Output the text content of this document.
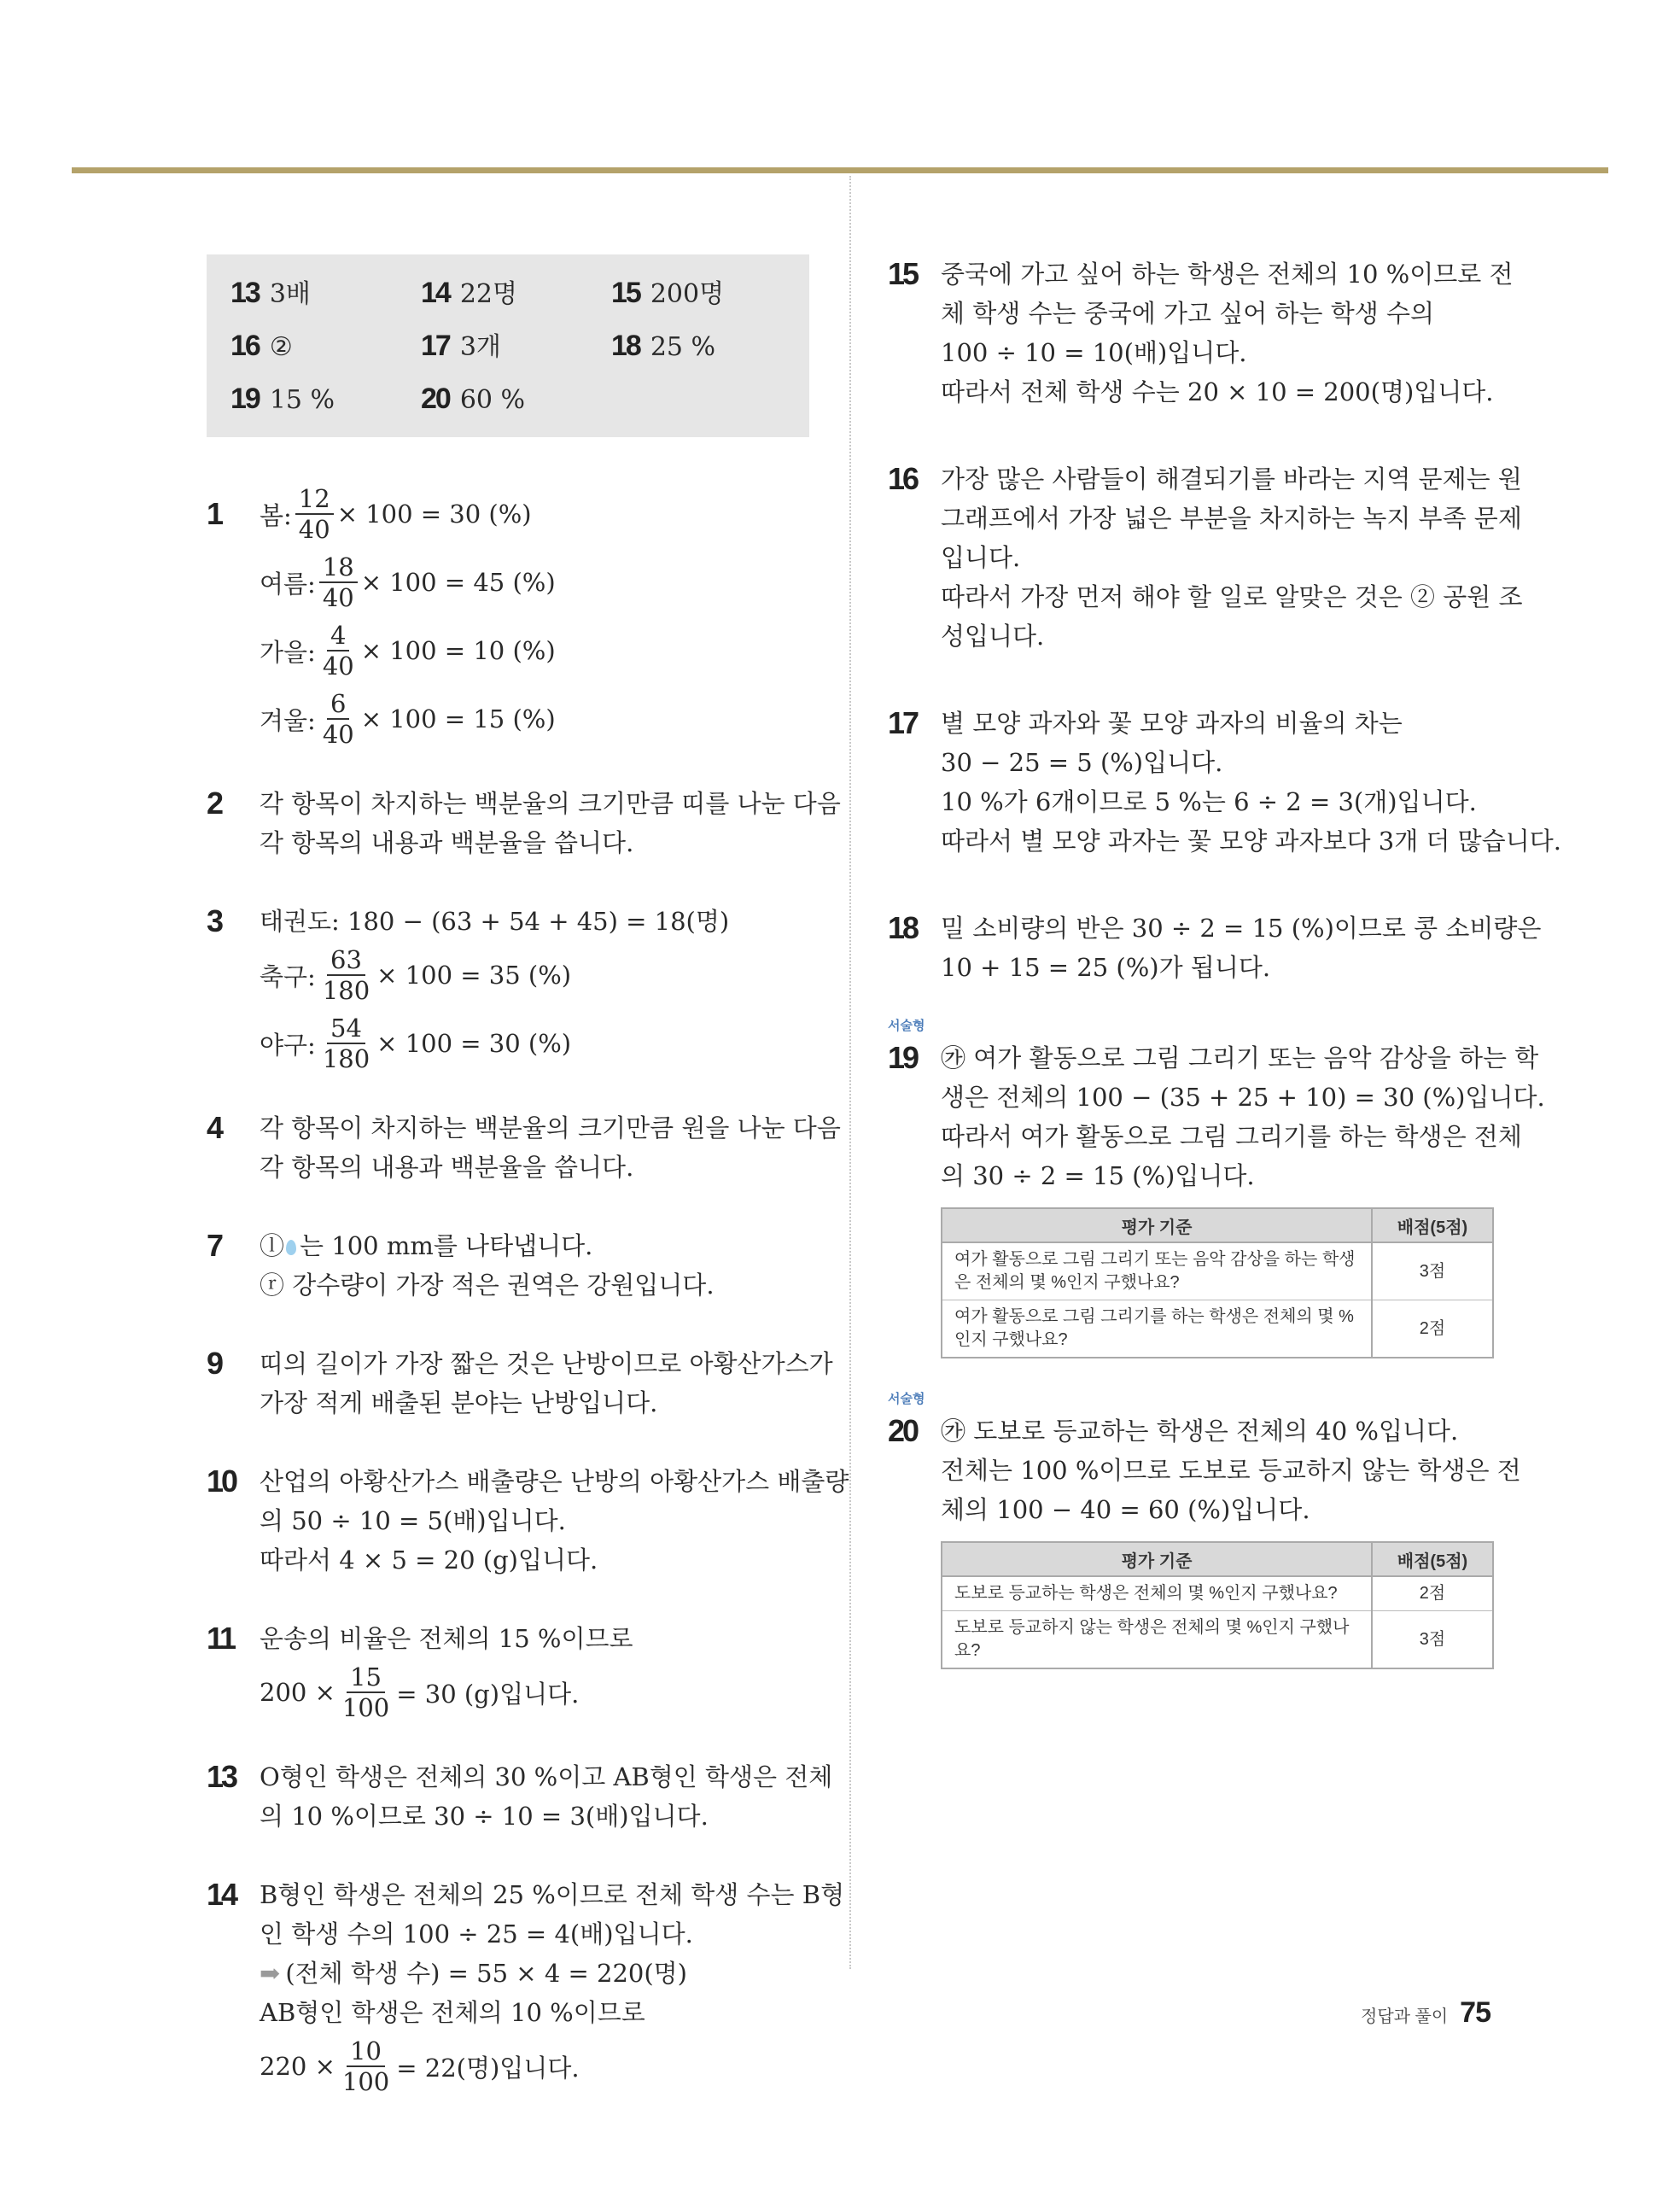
13 3배	14 22명	15 200명
16 ②	17 3개	18 25 %
19 15 %	20 60 %
1 봄: $\frac{12}{40} \times 100 = 30$ (%)
여름: $\frac{18}{40} \times 100 = 45$ (%)
가을: $\frac{4}{40} \times 100 = 10$ (%)
겨울: $\frac{6}{40} \times 100 = 15$ (%)
2 각 항목이 차지하는 백분율의 크기만큼 띠를 나눈 다음
각 항목의 내용과 백분율을 씁니다.
3 태권도: 180 − (63 + 54 + 45) = 18(명)
축구: $\frac{63}{180} \times 100 = 35$ (%)
야구: $\frac{54}{180} \times 100 = 30$ (%)
4 각 항목이 차지하는 백분율의 크기만큼 원을 나눈 다음
각 항목의 내용과 백분율을 씁니다.
7 ⓛ 는 100 mm를 나타냅니다.
ⓡ 강수량이 가장 적은 권역은 강원입니다.
9 띠의 길이가 가장 짧은 것은 난방이므로 아황산가스가
가장 적게 배출된 분야는 난방입니다.
10 산업의 아황산가스 배출량은 난방의 아황산가스 배출량
의 50 ÷ 10 = 5(배)입니다.
따라서 4 × 5 = 20 (g)입니다.
11 운송의 비율은 전체의 15 %이므로
$200 \times \frac{15}{100} = 30$ (g)입니다.
13 O형인 학생은 전체의 30 %이고 AB형인 학생은 전체
의 10 %이므로 30 ÷ 10 = 3(배)입니다.
14 B형인 학생은 전체의 25 %이므로 전체 학생 수는 B형
인 학생 수의 100 ÷ 25 = 4(배)입니다.
➡ (전체 학생 수) = 55 × 4 = 220(명)
AB형인 학생은 전체의 10 %이므로
$220 \times \frac{10}{100} = 22$(명)입니다.
15 중국에 가고 싶어 하는 학생은 전체의 10 %이므로 전
체 학생 수는 중국에 가고 싶어 하는 학생 수의
100 ÷ 10 = 10(배)입니다.
따라서 전체 학생 수는 20 × 10 = 200(명)입니다.
16 가장 많은 사람들이 해결되기를 바라는 지역 문제는 원
그래프에서 가장 넓은 부분을 차지하는 녹지 부족 문제
입니다.
따라서 가장 먼저 해야 할 일로 알맞은 것은 ② 공원 조
성입니다.
17 별 모양 과자와 꽃 모양 과자의 비율의 차는
30 − 25 = 5 (%)입니다.
10 %가 6개이므로 5 %는 6 ÷ 2 = 3(개)입니다.
따라서 별 모양 과자는 꽃 모양 과자보다 3개 더 많습니다.
18 밀 소비량의 반은 30 ÷ 2 = 15 (%)이므로 콩 소비량은
10 + 15 = 25 (%)가 됩니다.
서술형
19 ㉮ 여가 활동으로 그림 그리기 또는 음악 감상을 하는 학
생은 전체의 100 − (35 + 25 + 10) = 30 (%)입니다.
따라서 여가 활동으로 그림 그리기를 하는 학생은 전체
의 30 ÷ 2 = 15 (%)입니다.
평가 기준	배점(5점)
여가 활동으로 그림 그리기 또는 음악 감상을 하는 학생은 전체의 몇 %인지 구했나요?	3점
여가 활동으로 그림 그리기를 하는 학생은 전체의 몇 %인지 구했나요?	2점
서술형
20 ㉮ 도보로 등교하는 학생은 전체의 40 %입니다.
전체는 100 %이므로 도보로 등교하지 않는 학생은 전
체의 100 − 40 = 60 (%)입니다.
평가 기준	배점(5점)
도보로 등교하는 학생은 전체의 몇 %인지 구했나요?	2점
도보로 등교하지 않는 학생은 전체의 몇 %인지 구했나요?	3점
정답과 풀이 75
